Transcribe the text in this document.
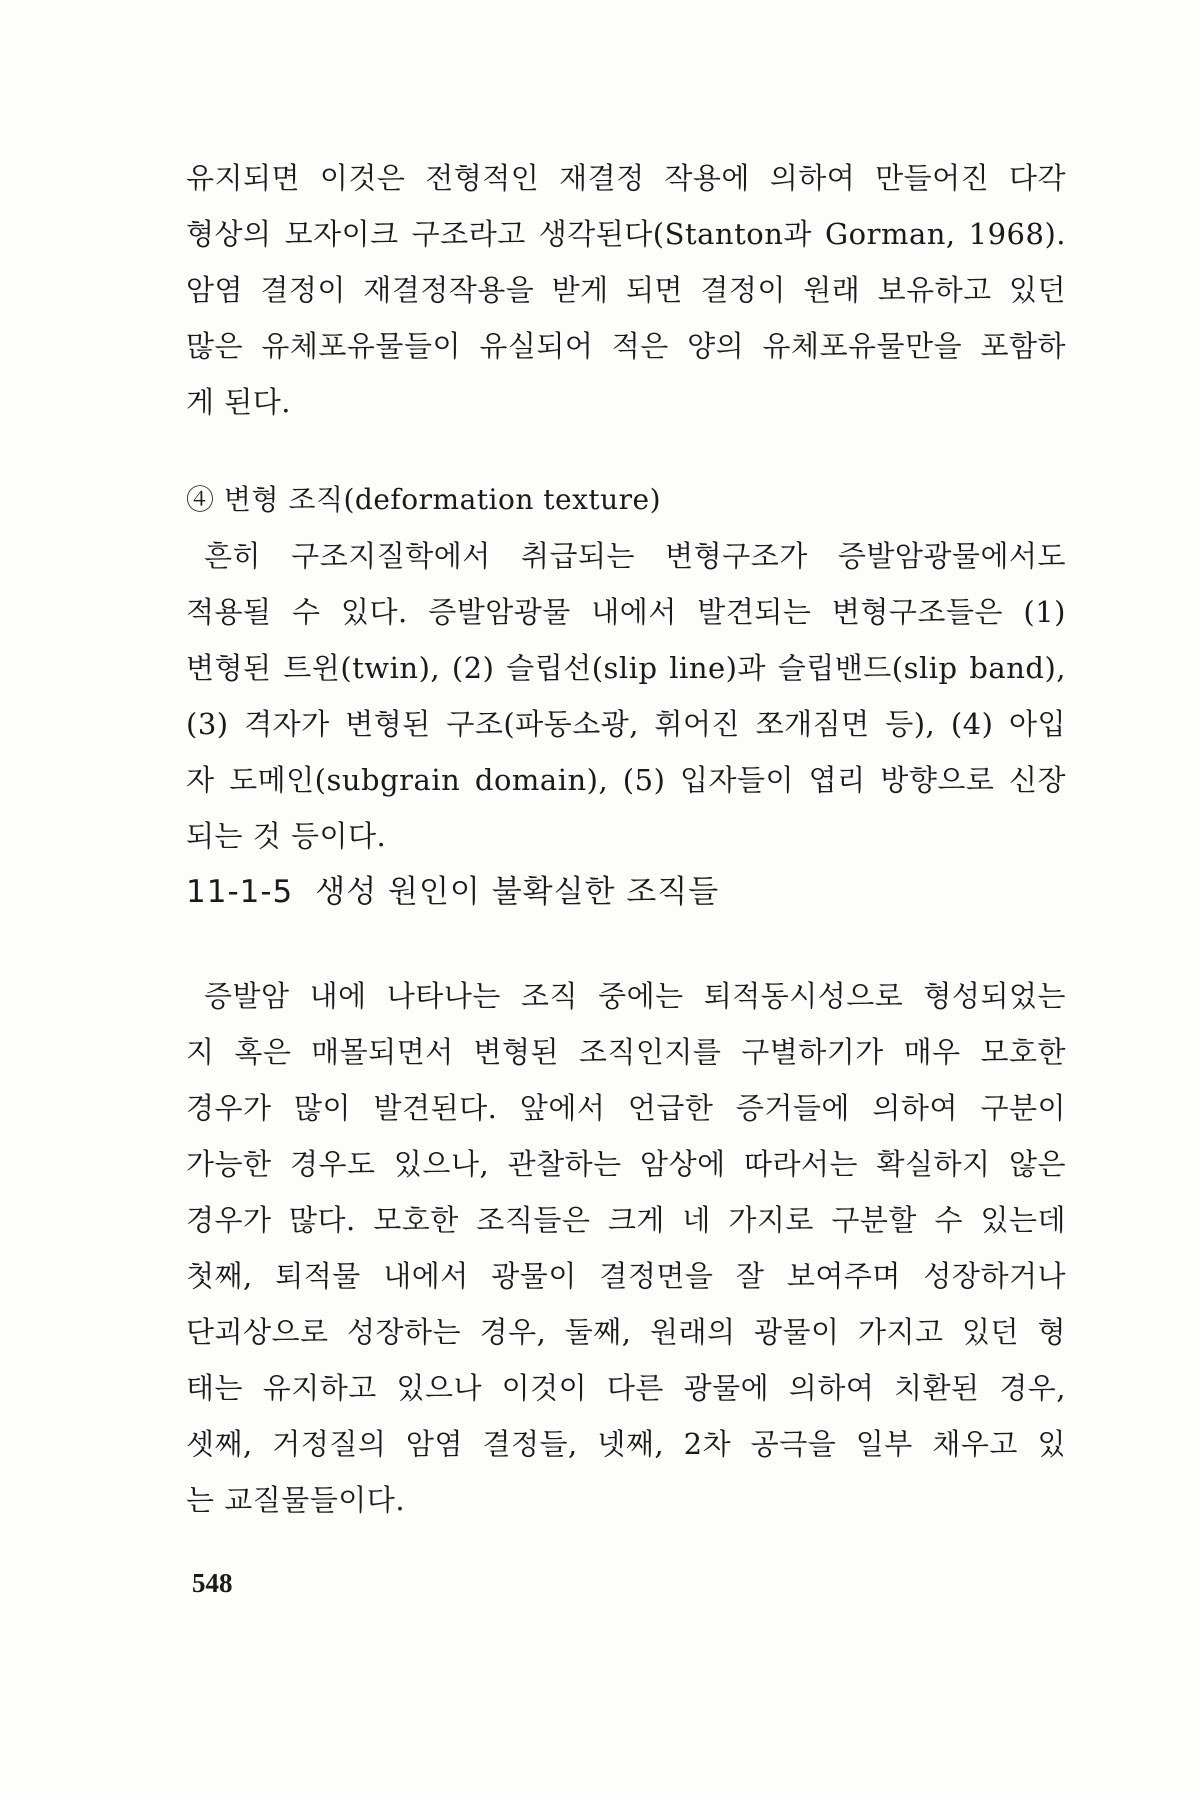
유지되면 이것은 전형적인 재결정 작용에 의하여 만들어진 다각
형상의 모자이크 구조라고 생각된다(Stanton과 Gorman, 1968).
암염 결정이 재결정작용을 받게 되면 결정이 원래 보유하고 있던
많은 유체포유물들이 유실되어 적은 양의 유체포유물만을 포함하
게 된다.
④ 변형 조직(deformation texture)
흔히 구조지질학에서 취급되는 변형구조가 증발암광물에서도
적용될 수 있다. 증발암광물 내에서 발견되는 변형구조들은 (1)
변형된 트윈(twin), (2) 슬립선(slip line)과 슬립밴드(slip band),
(3) 격자가 변형된 구조(파동소광, 휘어진 쪼개짐면 등), (4) 아입
자 도메인(subgrain domain), (5) 입자들이 엽리 방향으로 신장
되는 것 등이다.
11-1-5 생성 원인이 불확실한 조직들
증발암 내에 나타나는 조직 중에는 퇴적동시성으로 형성되었는
지 혹은 매몰되면서 변형된 조직인지를 구별하기가 매우 모호한
경우가 많이 발견된다. 앞에서 언급한 증거들에 의하여 구분이
가능한 경우도 있으나, 관찰하는 암상에 따라서는 확실하지 않은
경우가 많다. 모호한 조직들은 크게 네 가지로 구분할 수 있는데
첫째, 퇴적물 내에서 광물이 결정면을 잘 보여주며 성장하거나
단괴상으로 성장하는 경우, 둘째, 원래의 광물이 가지고 있던 형
태는 유지하고 있으나 이것이 다른 광물에 의하여 치환된 경우,
셋째, 거정질의 암염 결정들, 넷째, 2차 공극을 일부 채우고 있
는 교질물들이다.
548
